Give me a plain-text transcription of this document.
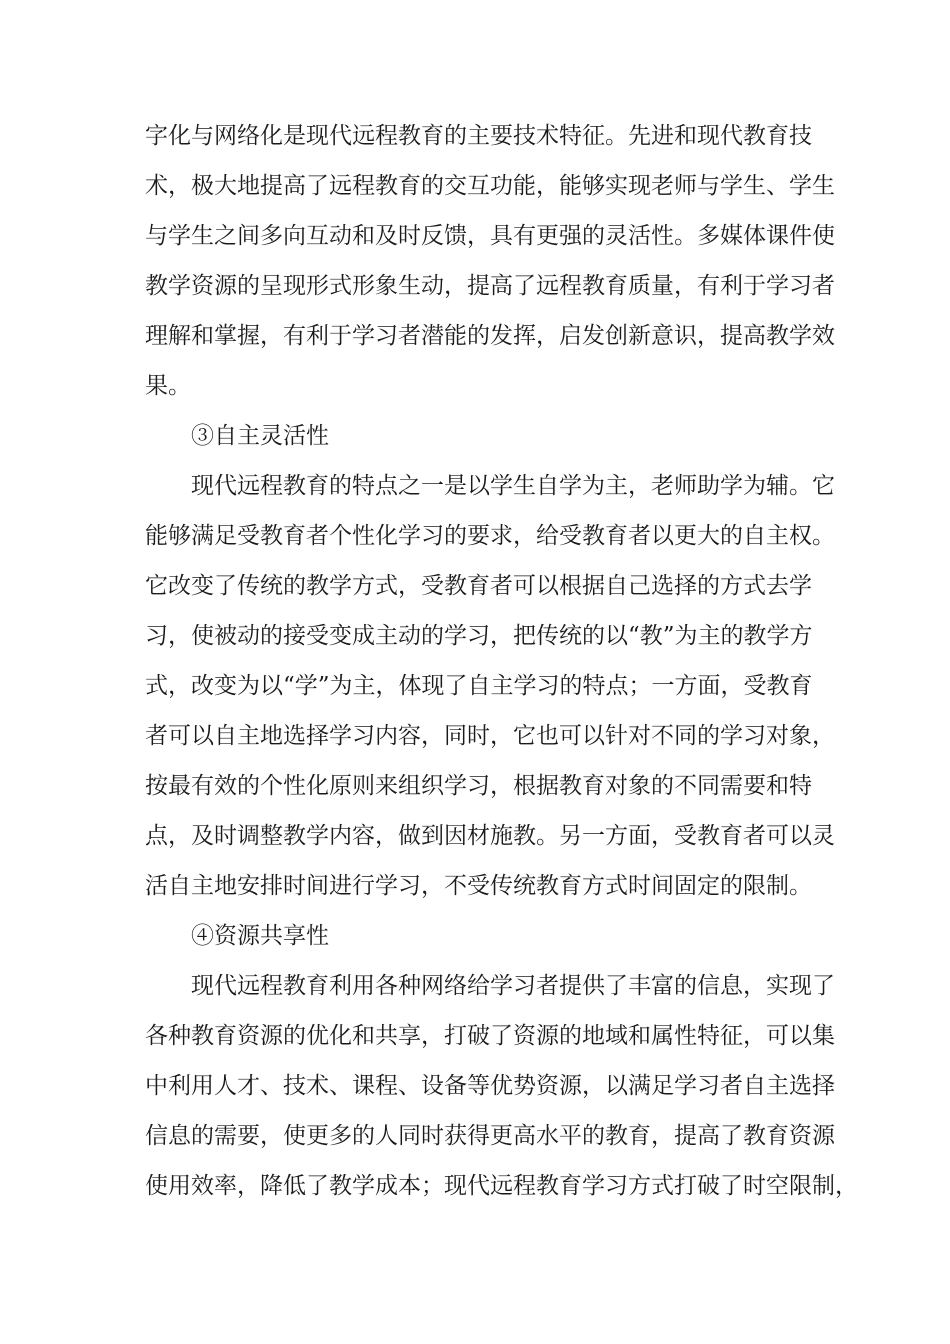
字化与网络化是现代远程教育的主要技术特征。先进和现代教育技
术，极大地提高了远程教育的交互功能，能够实现老师与学生、学生
与学生之间多向互动和及时反馈，具有更强的灵活性。多媒体课件使
教学资源的呈现形式形象生动，提高了远程教育质量，有利于学习者
理解和掌握，有利于学习者潜能的发挥，启发创新意识，提高教学效
果。
③自主灵活性
现代远程教育的特点之一是以学生自学为主，老师助学为辅。它
能够满足受教育者个性化学习的要求，给受教育者以更大的自主权。
它改变了传统的教学方式，受教育者可以根据自己选择的方式去学
习，使被动的接受变成主动的学习，把传统的以“教”为主的教学方
式，改变为以“学”为主，体现了自主学习的特点；一方面，受教育
者可以自主地选择学习内容，同时，它也可以针对不同的学习对象，
按最有效的个性化原则来组织学习，根据教育对象的不同需要和特
点，及时调整教学内容，做到因材施教。另一方面，受教育者可以灵
活自主地安排时间进行学习，不受传统教育方式时间固定的限制。
④资源共享性
现代远程教育利用各种网络给学习者提供了丰富的信息，实现了
各种教育资源的优化和共享，打破了资源的地域和属性特征，可以集
中利用人才、技术、课程、设备等优势资源，以满足学习者自主选择
信息的需要，使更多的人同时获得更高水平的教育，提高了教育资源
使用效率，降低了教学成本；现代远程教育学习方式打破了时空限制，
